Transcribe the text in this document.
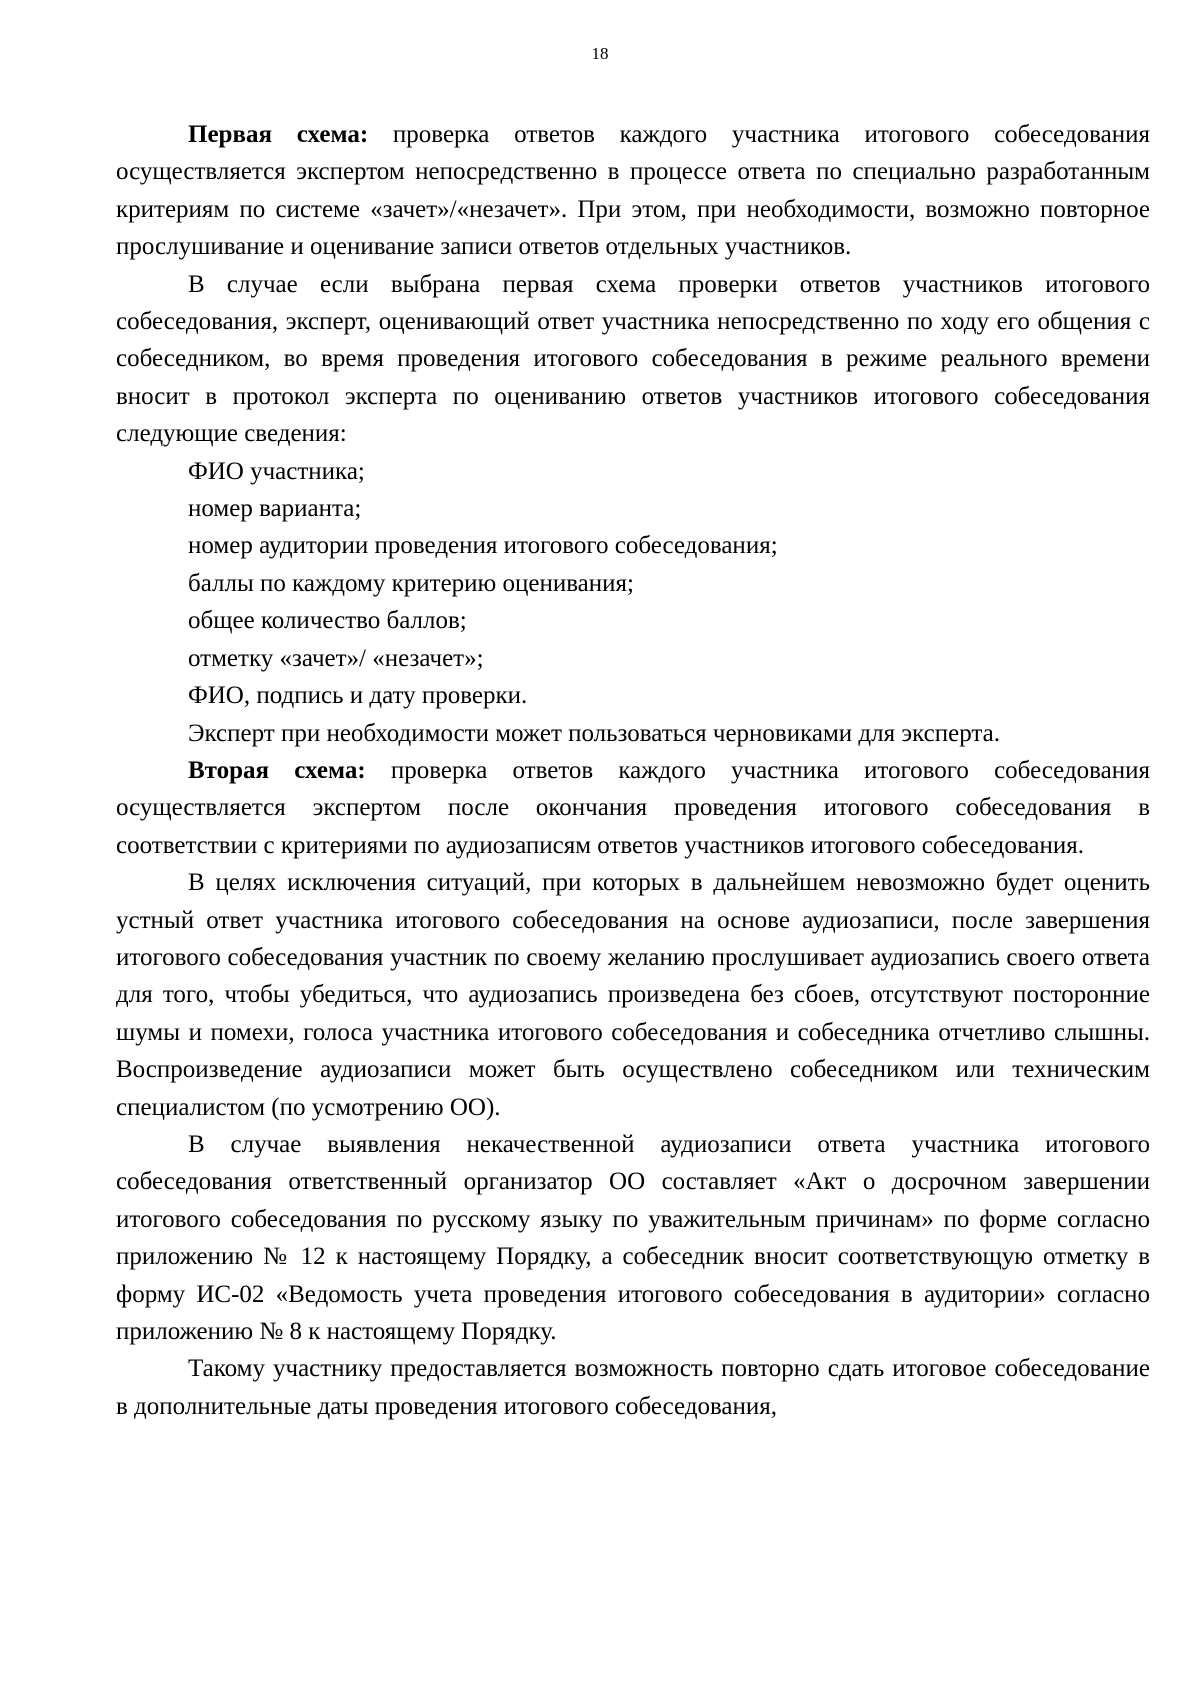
18

Первая схема: проверка ответов каждого участника итогового собеседования осуществляется экспертом непосредственно в процессе ответа по специально разработанным критериям по системе «зачет»/«незачет». При этом, при необходимости, возможно повторное прослушивание и оценивание записи ответов отдельных участников.

В случае если выбрана первая схема проверки ответов участников итогового собеседования, эксперт, оценивающий ответ участника непосредственно по ходу его общения с собеседником, во время проведения итогового собеседования в режиме реального времени вносит в протокол эксперта по оцениванию ответов участников итогового собеседования следующие сведения:

ФИО участника;

номер варианта;

номер аудитории проведения итогового собеседования;

баллы по каждому критерию оценивания;

общее количество баллов;

отметку «зачет»/ «незачет»;

ФИО, подпись и дату проверки.

Эксперт при необходимости может пользоваться черновиками для эксперта.

Вторая схема: проверка ответов каждого участника итогового собеседования осуществляется экспертом после окончания проведения итогового собеседования в соответствии с критериями по аудиозаписям ответов участников итогового собеседования.

В целях исключения ситуаций, при которых в дальнейшем невозможно будет оценить устный ответ участника итогового собеседования на основе аудиозаписи, после завершения итогового собеседования участник по своему желанию прослушивает аудиозапись своего ответа для того, чтобы убедиться, что аудиозапись произведена без сбоев, отсутствуют посторонние шумы и помехи, голоса участника итогового собеседования и собеседника отчетливо слышны. Воспроизведение аудиозаписи может быть осуществлено собеседником или техническим специалистом (по усмотрению ОО).

В случае выявления некачественной аудиозаписи ответа участника итогового собеседования ответственный организатор ОО составляет «Акт о досрочном завершении итогового собеседования по русскому языку по уважительным причинам» по форме согласно приложению № 12 к настоящему Порядку, а собеседник вносит соответствующую отметку в форму ИС-02 «Ведомость учета проведения итогового собеседования в аудитории» согласно приложению № 8 к настоящему Порядку.

Такому участнику предоставляется возможность повторно сдать итоговое собеседование в дополнительные даты проведения итогового собеседования,
